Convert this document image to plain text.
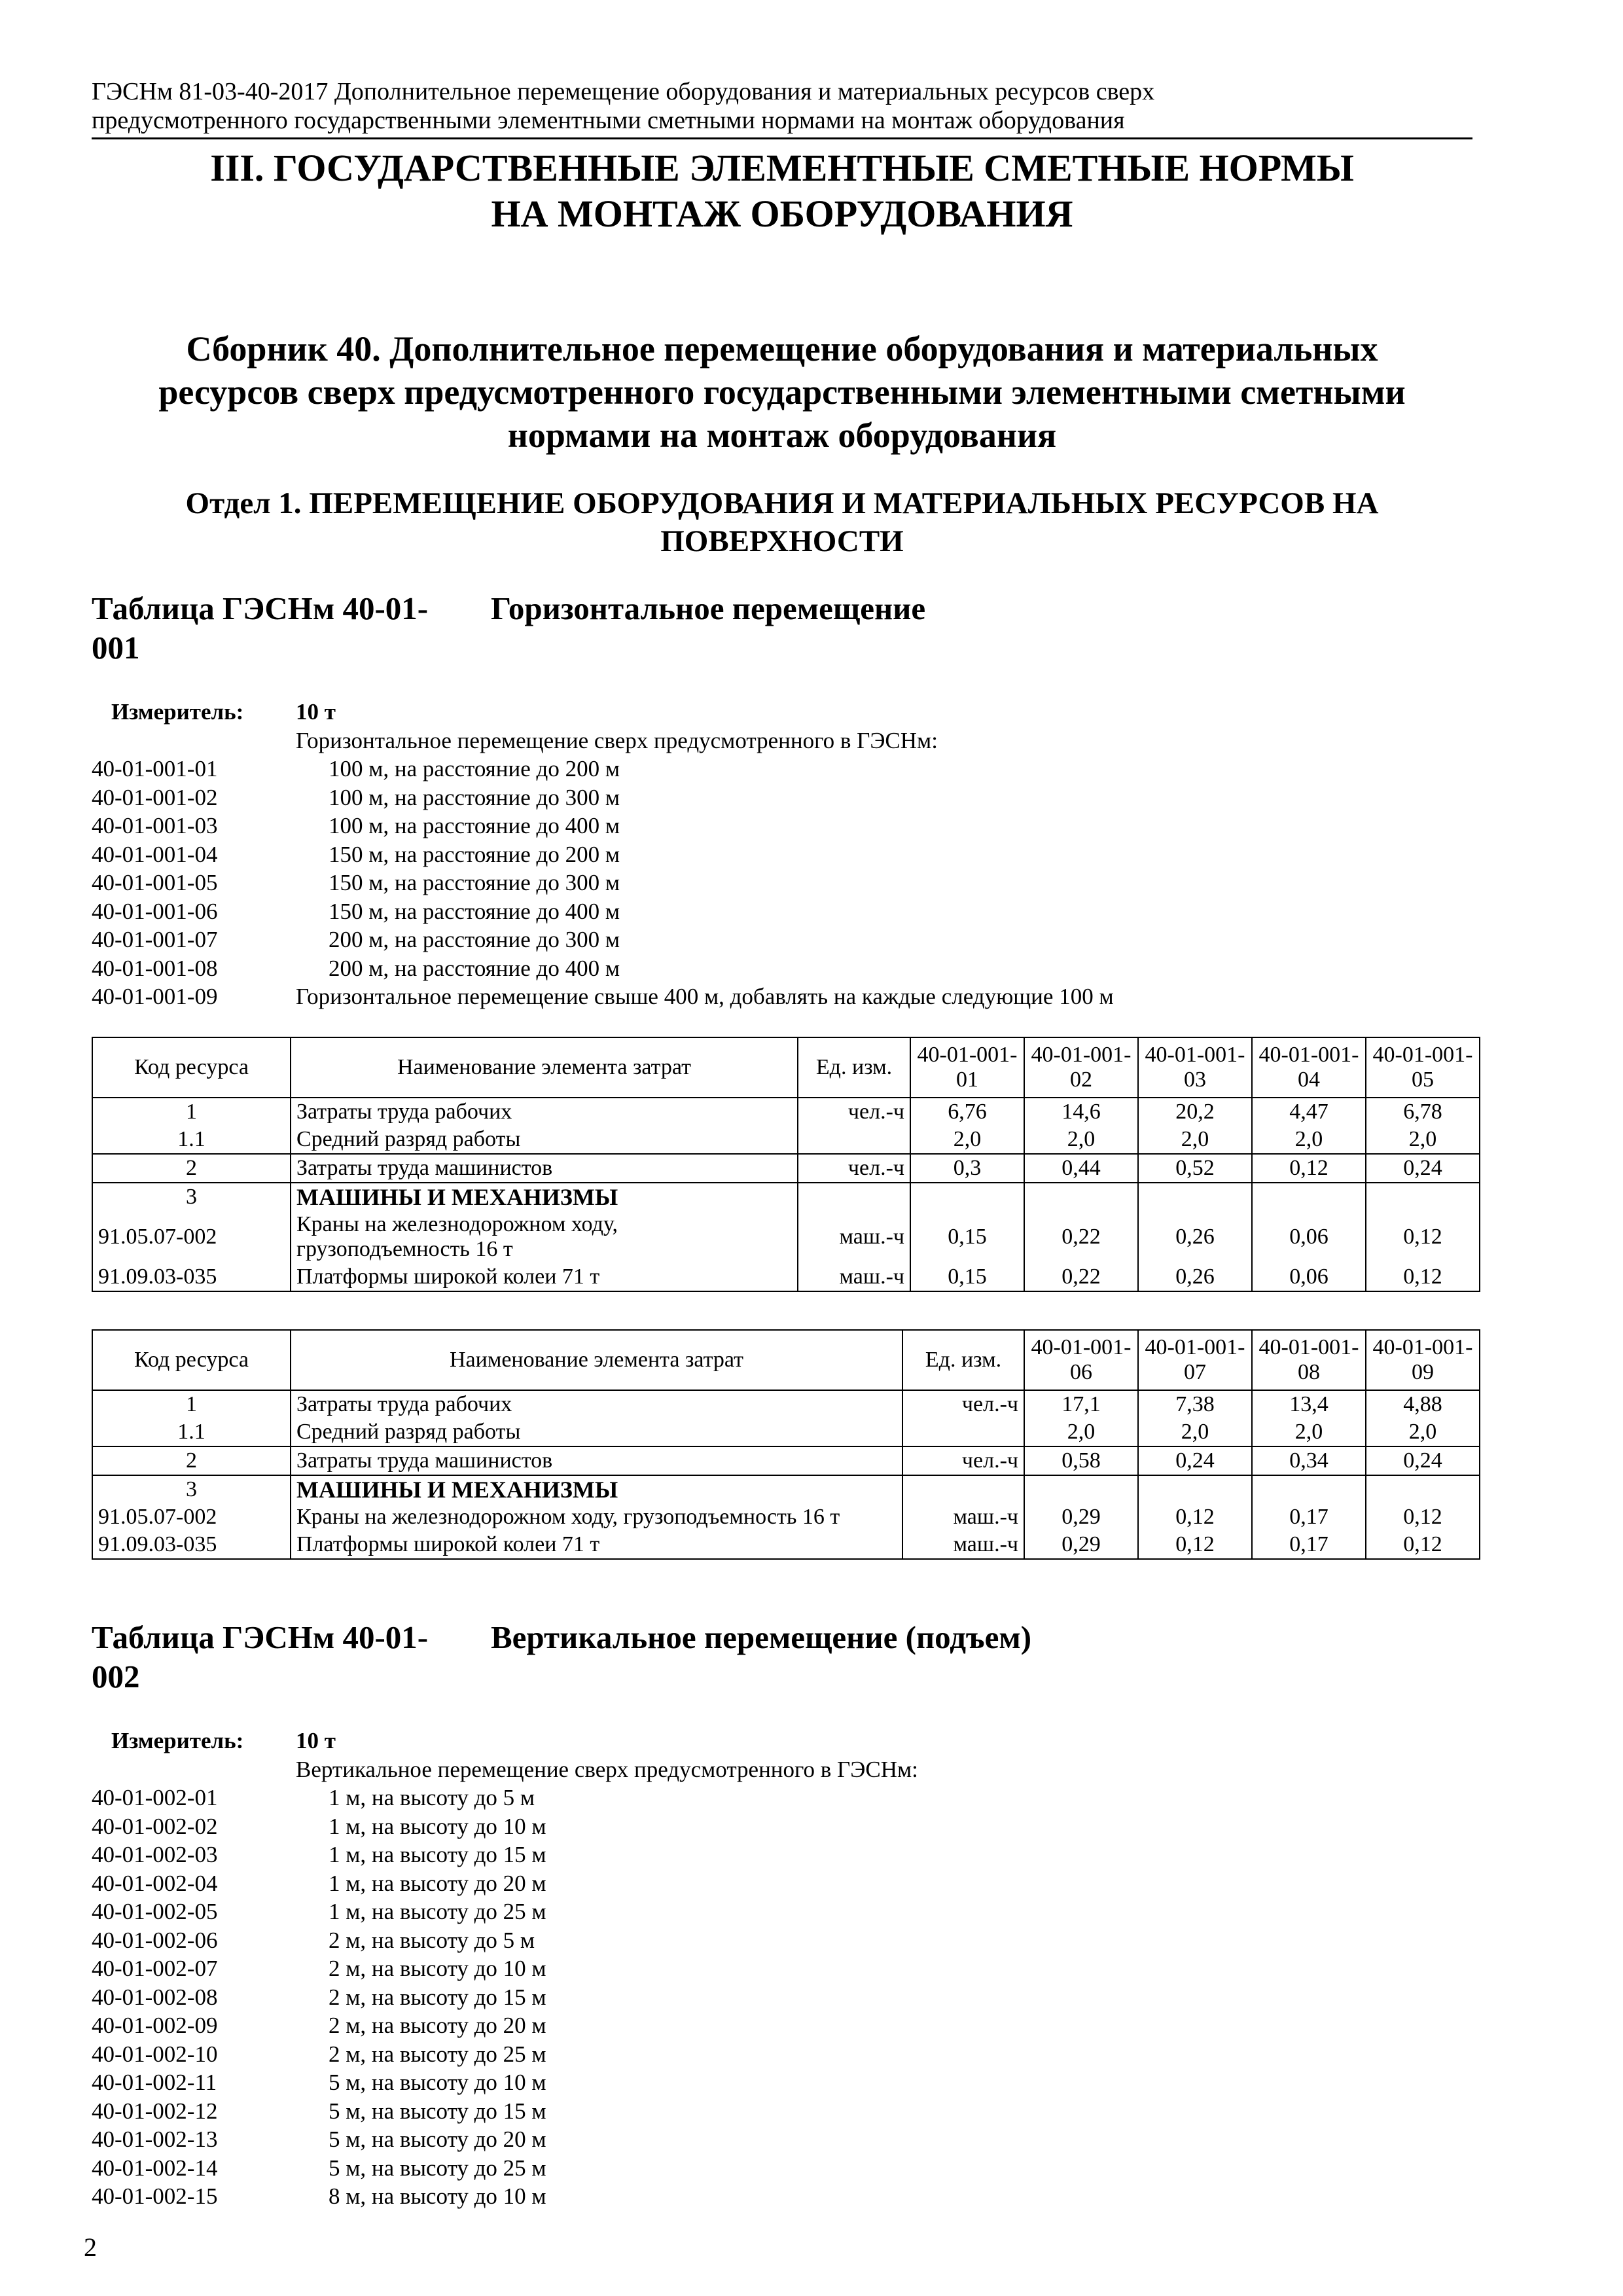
ГЭСНм 81-03-40-2017 Дополнительное перемещение оборудования и материальных ресурсов сверх
предусмотренного государственными элементными сметными нормами на монтаж оборудования
III. ГОСУДАРСТВЕННЫЕ ЭЛЕМЕНТНЫЕ СМЕТНЫЕ НОРМЫ
НА МОНТАЖ ОБОРУДОВАНИЯ
Сборник 40. Дополнительное перемещение оборудования и материальных
ресурсов сверх предусмотренного государственными элементными сметными
нормами на монтаж оборудования
Отдел 1. ПЕРЕМЕЩЕНИЕ ОБОРУДОВАНИЯ И МАТЕРИАЛЬНЫХ РЕСУРСОВ НА
ПОВЕРХНОСТИ
Таблица ГЭСНм 40-01-
001
Горизонтальное перемещение
Измеритель: 10 т
Горизонтальное перемещение сверх предусмотренного в ГЭСНм:
40-01-001-01	100 м, на расстояние до 200 м
40-01-001-02	100 м, на расстояние до 300 м
40-01-001-03	100 м, на расстояние до 400 м
40-01-001-04	150 м, на расстояние до 200 м
40-01-001-05	150 м, на расстояние до 300 м
40-01-001-06	150 м, на расстояние до 400 м
40-01-001-07	200 м, на расстояние до 300 м
40-01-001-08	200 м, на расстояние до 400 м
40-01-001-09	Горизонтальное перемещение свыше 400 м, добавлять на каждые следующие 100 м
Код ресурса	Наименование элемента затрат	Ед. изм.	40-01-001-01	40-01-001-02	40-01-001-03	40-01-001-04	40-01-001-05
1	Затраты труда рабочих	чел.-ч	6,76	14,6	20,2	4,47	6,78
1.1	Средний разряд работы		2,0	2,0	2,0	2,0	2,0
2	Затраты труда машинистов	чел.-ч	0,3	0,44	0,52	0,12	0,24
3	МАШИНЫ И МЕХАНИЗМЫ						
91.05.07-002	Краны на железнодорожном ходу, грузоподъемность 16 т	маш.-ч	0,15	0,22	0,26	0,06	0,12
91.09.03-035	Платформы широкой колеи 71 т	маш.-ч	0,15	0,22	0,26	0,06	0,12
Код ресурса	Наименование элемента затрат	Ед. изм.	40-01-001-06	40-01-001-07	40-01-001-08	40-01-001-09
1	Затраты труда рабочих	чел.-ч	17,1	7,38	13,4	4,88
1.1	Средний разряд работы		2,0	2,0	2,0	2,0
2	Затраты труда машинистов	чел.-ч	0,58	0,24	0,34	0,24
3	МАШИНЫ И МЕХАНИЗМЫ					
91.05.07-002	Краны на железнодорожном ходу, грузоподъемность 16 т	маш.-ч	0,29	0,12	0,17	0,12
91.09.03-035	Платформы широкой колеи 71 т	маш.-ч	0,29	0,12	0,17	0,12
Таблица ГЭСНм 40-01-
002
Вертикальное перемещение (подъем)
Измеритель: 10 т
Вертикальное перемещение сверх предусмотренного в ГЭСНм:
40-01-002-01	1 м, на высоту до 5 м
40-01-002-02	1 м, на высоту до 10 м
40-01-002-03	1 м, на высоту до 15 м
40-01-002-04	1 м, на высоту до 20 м
40-01-002-05	1 м, на высоту до 25 м
40-01-002-06	2 м, на высоту до 5 м
40-01-002-07	2 м, на высоту до 10 м
40-01-002-08	2 м, на высоту до 15 м
40-01-002-09	2 м, на высоту до 20 м
40-01-002-10	2 м, на высоту до 25 м
40-01-002-11	5 м, на высоту до 10 м
40-01-002-12	5 м, на высоту до 15 м
40-01-002-13	5 м, на высоту до 20 м
40-01-002-14	5 м, на высоту до 25 м
40-01-002-15	8 м, на высоту до 10 м
2
